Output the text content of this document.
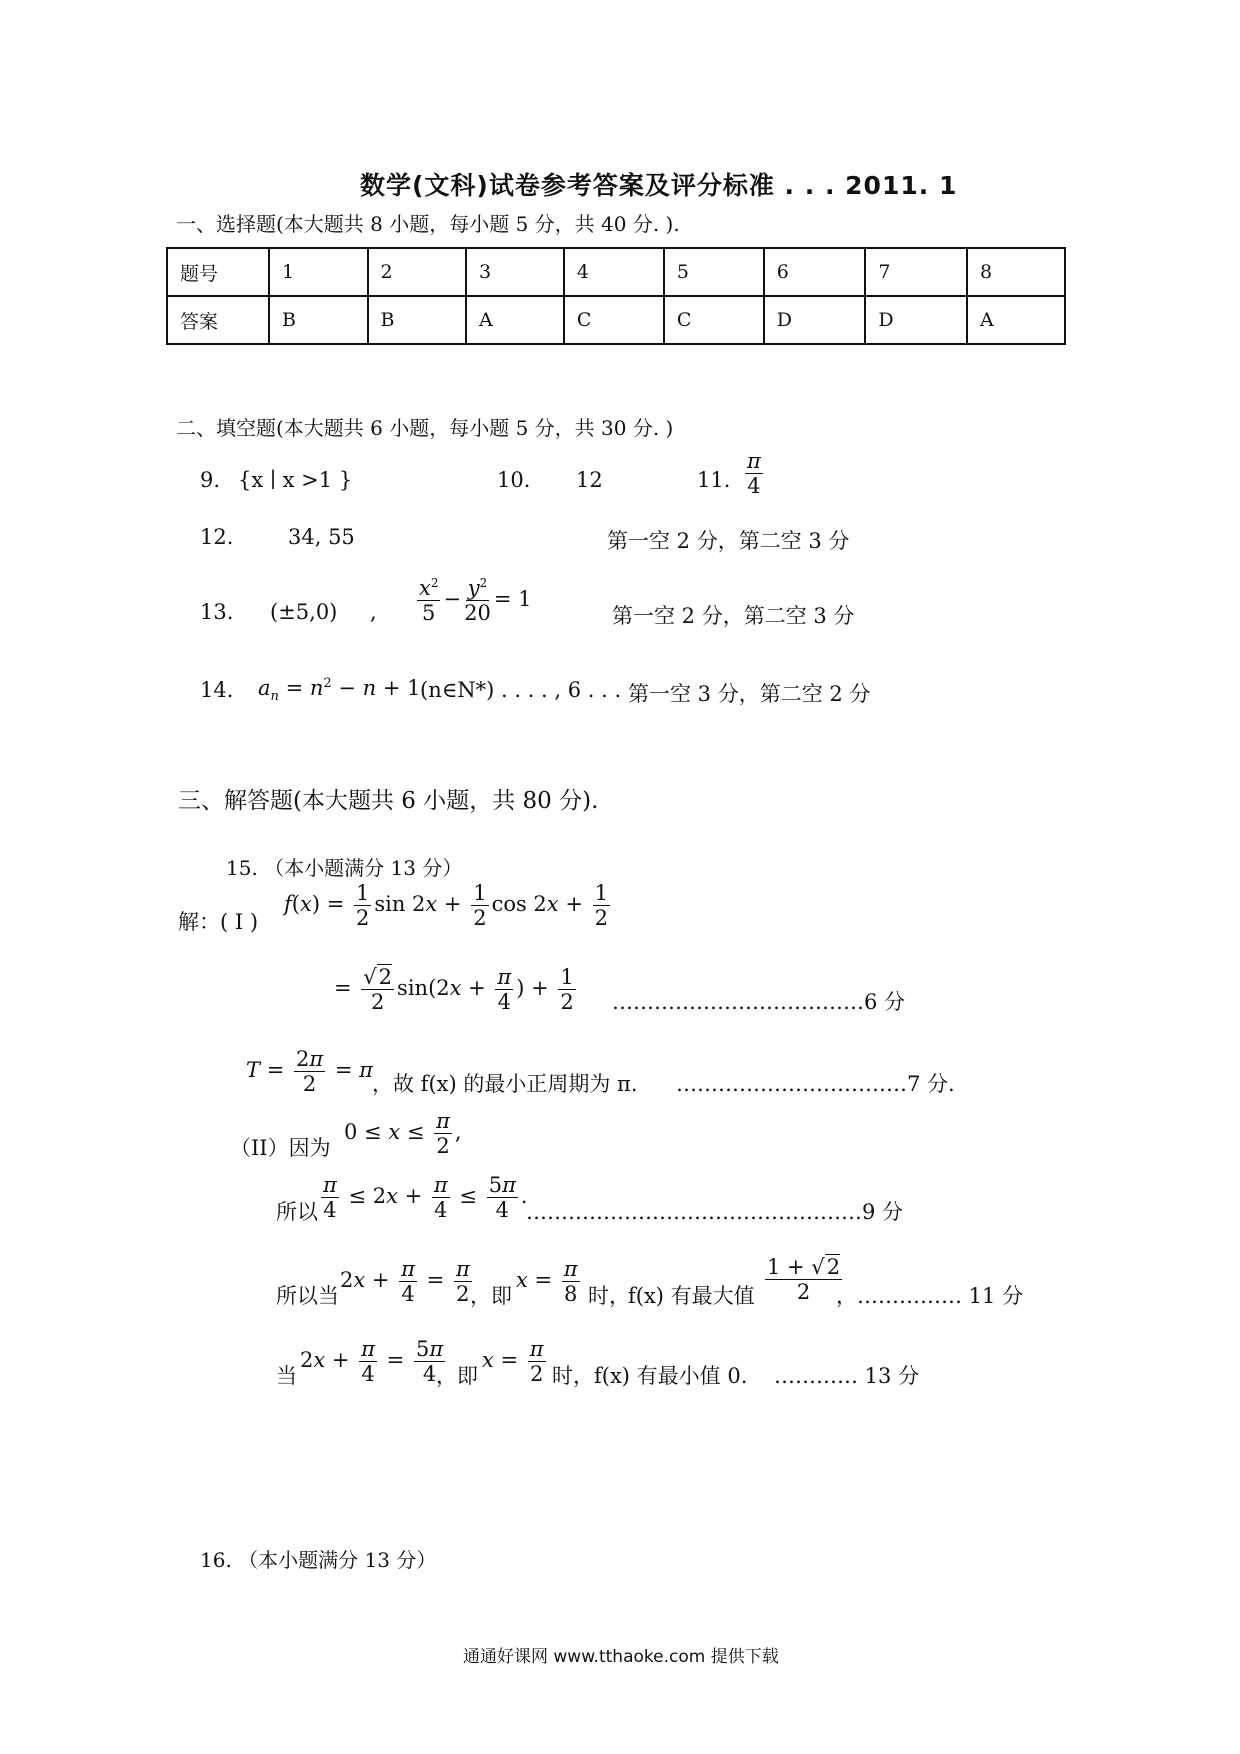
数学(文科)试卷参考答案及评分标准 . . . 2011. 1
一、选择题(本大题共 8 小题，每小题 5 分，共 40 分. ).
题号	1	2	3	4	5	6	7	8
答案	B	B	A	C	C	D	D	A
二、填空题(本大题共 6 小题，每小题 5 分，共 30 分. )
9. {x ∣ x >1 }	10. 12	11. $\frac{\pi}{4}$
12.	34, 55	第一空 2 分，第二空 3 分
13. (±5,0) , $\frac{x^2}{5} - \frac{y^2}{20} = 1$
第一空 2 分，第二空 3 分
14. $a_n = n^2 - n + 1$ (n∈N*) . . . . , 6 . . . 第一空 3 分，第二空 2 分
三、解答题(本大题共 6 小题，共 80 分).
15. （本小题满分 13 分）
解：( I )
$f(x) = \frac{1}{2}$ $\sin 2x + \frac{1}{2}$ $\cos 2x + \frac{1}{2}$
= $\frac{√2}{2} \sin(2x + \frac{\pi}{4}$ ) + $\frac{1}{2}$ ………………………………6 分
$T = \frac{2\pi}{2} = \pi$
，故 f(x) 的最小正周期为 π. ……………………………7 分.
（II）因为
$0 \le x \le \frac{\pi}{2}$ ,
所以 $\frac{\pi}{4} \le 2x + \frac{\pi}{4} \le \frac{5\pi}{4}$ .
…………………………………………9 分
所以当
$2x + \frac{\pi}{4} = \frac{\pi}{2}$
，即
$x = \frac{\pi}{8}$ 时，
f(x) 有最大值 $\frac{1 + √2}{2}$
，…………… 11 分
当
$2x + \frac{\pi}{4} = \frac{5\pi}{4}$
，即
$x = \frac{\pi}{2}$ 时， f(x) 有最小值 0. ………… 13 分
16. （本小题满分 13 分）
通通好课网 www.tthaoke.com 提供下载
